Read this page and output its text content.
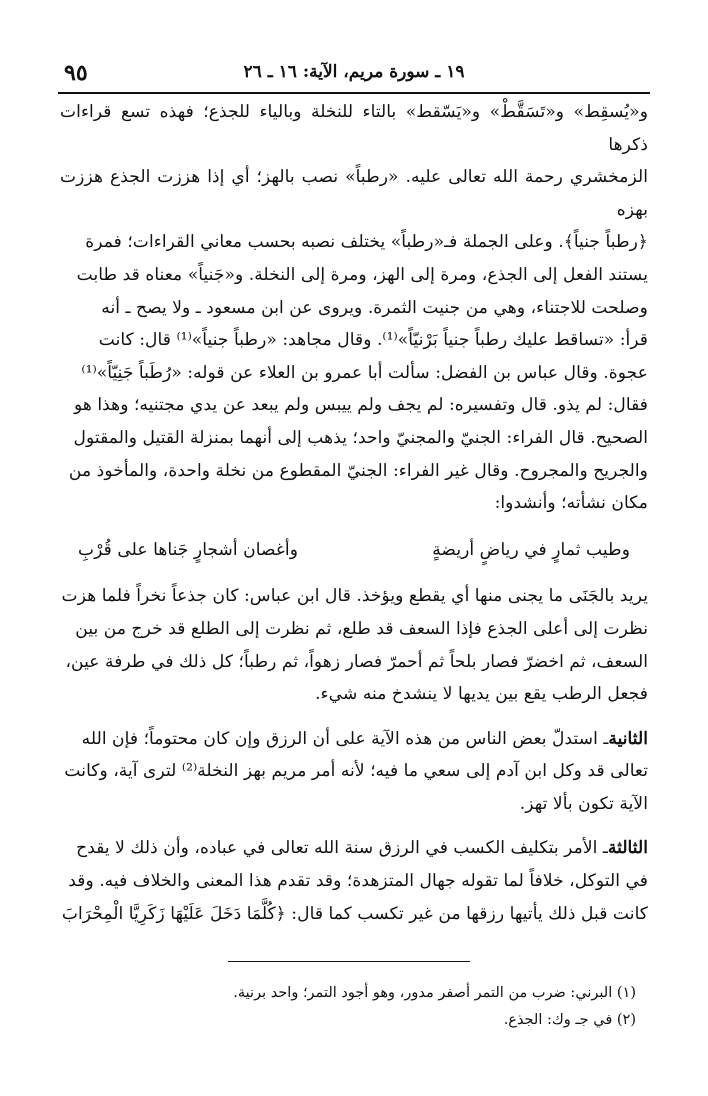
٩٥	١٩ ـ سورة مريم، الآية: ١٦ ـ ٢٦

و«يُسقِط» و«تَسَقَّطْ» و«يَسّقط» بالتاء للنخلة وبالياء للجذع؛ فهذه تسع قراءات ذكرها

الزمخشري رحمة الله تعالى عليه. «رطباً» نصب بالهز؛ أي إذا هززت الجذع هززت بهزه

﴿رطباً جنياً﴾. وعلى الجملة فـ«رطباً» يختلف نصبه بحسب معاني القراءات؛ فمرة

يستند الفعل إلى الجذع، ومرة إلى الهز، ومرة إلى النخلة. و«جَنياً» معناه قد طابت

وصلحت للاجتناء، وهي من جنيت الثمرة. ويروى عن ابن مسعود ـ ولا يصح ـ أنه

قرأ: «تساقط عليك رطباً جنياً بَرْنيّاً»⁽¹⁾. وقال مجاهد: «رطباً جنياً»⁽¹⁾ قال: كانت

عجوة. وقال عباس بن الفضل: سألت أبا عمرو بن العلاء عن قوله: «رُطَباً جَنِيّاً»⁽¹⁾

فقال: لم يذو. قال وتفسيره: لم يجف ولم ييبس ولم يبعد عن يدي مجتنيه؛ وهذا هو

الصحيح. قال الفراء: الجنيّ والمجنيّ واحد؛ يذهب إلى أنهما بمنزلة القتيل والمقتول

والجريح والمجروح. وقال غير الفراء: الجنيّ المقطوع من نخلة واحدة، والمأخوذ من

مكان نشأته؛ وأنشدوا:

وطيب ثمارٍ في رياضٍ أريضةٍ
وأغصان أشجارٍ جَناها على قُرْبِ

يريد بالجَنَى ما يجنى منها أي يقطع ويؤخذ. قال ابن عباس: كان جذعاً نخراً فلما هزت

نظرت إلى أعلى الجذع فإذا السعف قد طلع، ثم نظرت إلى الطلع قد خرج من بين

السعف، ثم اخضرّ فصار بلحاً ثم أحمرّ فصار زهواً، ثم رطباً؛ كل ذلك في طرفة عين،

فجعل الرطب يقع بين يديها لا ينشدخ منه شيء.

الثانيةـ استدلّ بعض الناس من هذه الآية على أن الرزق وإن كان محتوماً؛ فإن الله

تعالى قد وكل ابن آدم إلى سعي ما فيه؛ لأنه أمر مريم بهز النخلة⁽²⁾ لترى آية، وكانت

الآية تكون بألا تهز.

الثالثةـ الأمر بتكليف الكسب في الرزق سنة الله تعالى في عباده، وأن ذلك لا يقدح

في التوكل، خلافاً لما تقوله جهال المتزهدة؛ وقد تقدم هذا المعنى والخلاف فيه. وقد

كانت قبل ذلك يأتيها رزقها من غير تكسب كما قال: ﴿كُلَّمَا دَخَلَ عَلَيْهَا زَكَرِيَّا الْمِحْرَابَ

(١) البرني: ضرب من التمر أصفر مدور، وهو أجود التمر؛ واحد برنية.

(٢) في جـ وك: الجذع.
